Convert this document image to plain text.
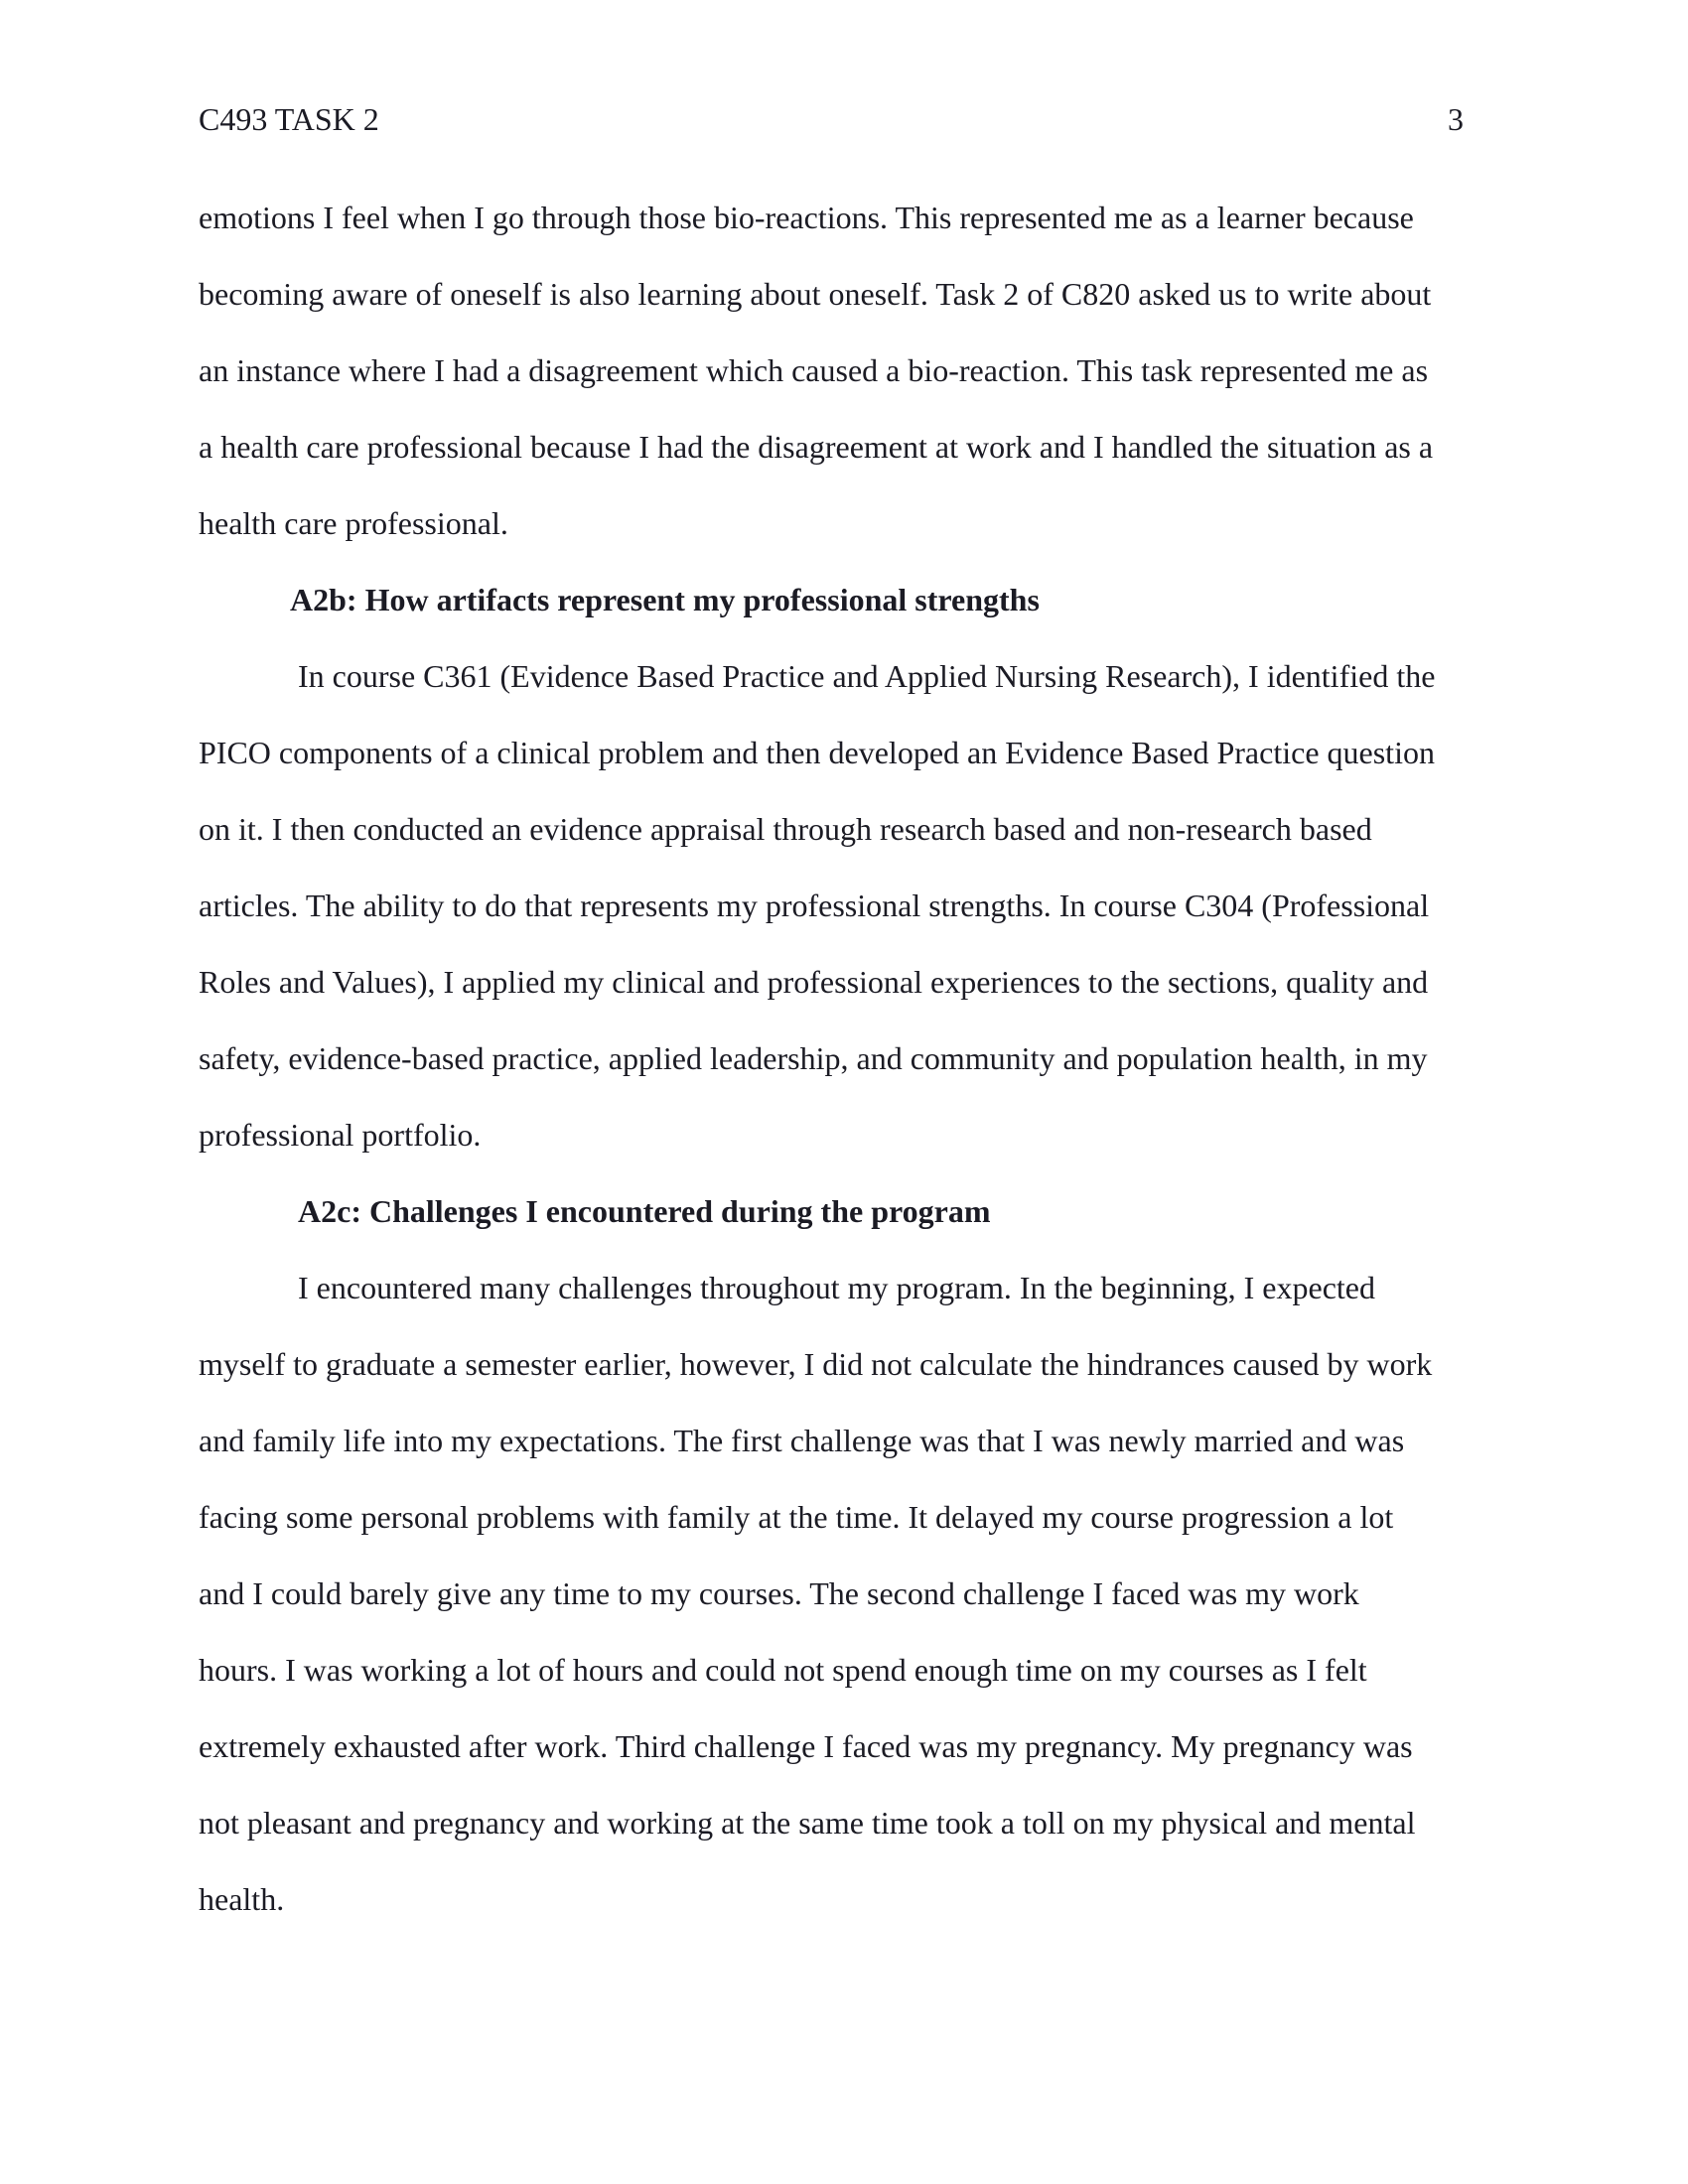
C493 TASK 2	3
emotions I feel when I go through those bio-reactions. This represented me as a learner because
becoming aware of oneself is also learning about oneself. Task 2 of C820 asked us to write about
an instance where I had a disagreement which caused a bio-reaction. This task represented me as
a health care professional because I had the disagreement at work and I handled the situation as a
health care professional.
A2b: How artifacts represent my professional strengths
In course C361 (Evidence Based Practice and Applied Nursing Research), I identified the
PICO components of a clinical problem and then developed an Evidence Based Practice question
on it. I then conducted an evidence appraisal through research based and non-research based
articles. The ability to do that represents my professional strengths. In course C304 (Professional
Roles and Values), I applied my clinical and professional experiences to the sections, quality and
safety, evidence-based practice, applied leadership, and community and population health, in my
professional portfolio.
A2c: Challenges I encountered during the program
I encountered many challenges throughout my program. In the beginning, I expected
myself to graduate a semester earlier, however, I did not calculate the hindrances caused by work
and family life into my expectations. The first challenge was that I was newly married and was
facing some personal problems with family at the time. It delayed my course progression a lot
and I could barely give any time to my courses. The second challenge I faced was my work
hours. I was working a lot of hours and could not spend enough time on my courses as I felt
extremely exhausted after work. Third challenge I faced was my pregnancy. My pregnancy was
not pleasant and pregnancy and working at the same time took a toll on my physical and mental
health.
